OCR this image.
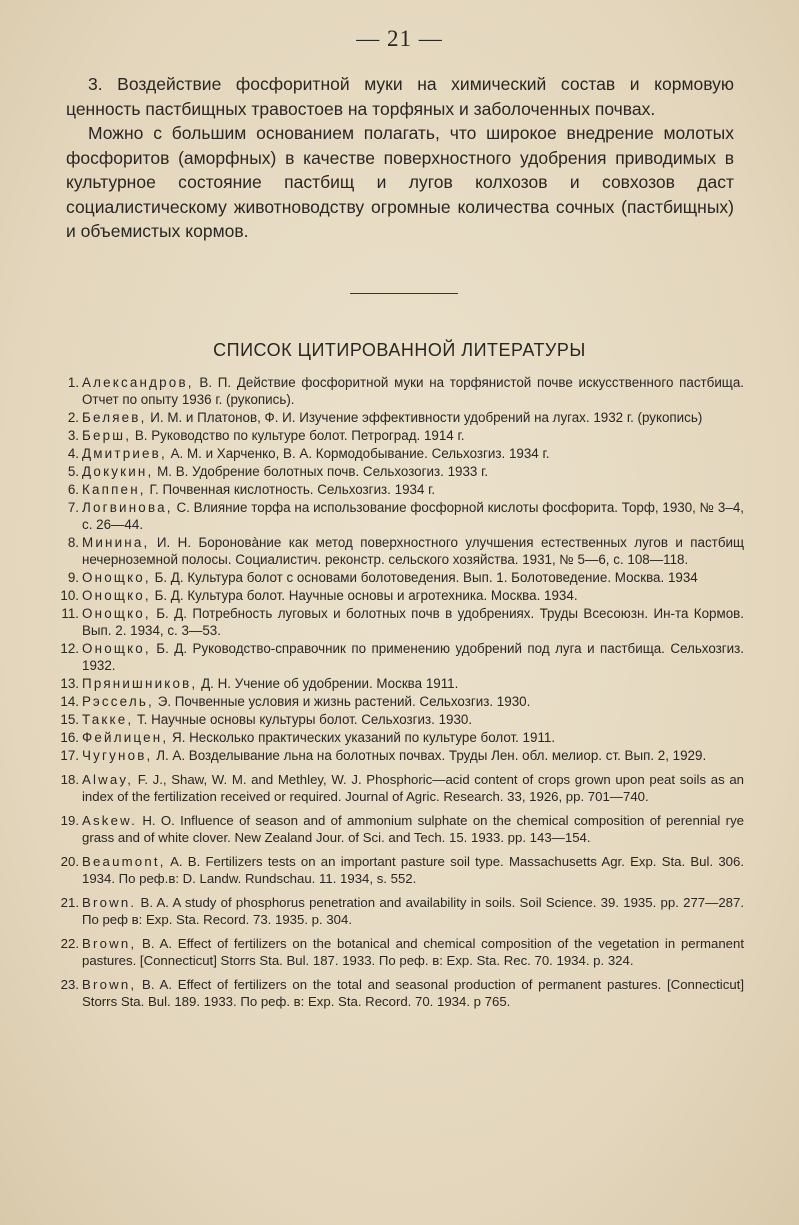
— 21 —

3. Воздействие фосфоритной муки на химический состав и кормовую ценность пастбищных травостоев на торфяных и заболоченных почвах.

Можно с большим основанием полагать, что широкое внедрение молотых фосфоритов (аморфных) в качестве поверхностного удобрения приводимых в культурное состояние пастбищ и лугов колхозов и совхозов даст социалистическому животноводству огромные количества сочных (пастбищных) и объемистых кормов.

СПИСОК ЦИТИРОВАННОЙ ЛИТЕРАТУРЫ
1. Александров, В. П. Действие фосфоритной муки на торфянистой почве искусственного пастбища. Отчет по опыту 1936 г. (рукопись).
2. Беляев, И. М. и Платонов, Ф. И. Изучение эффективности удобрений на лугах. 1932 г. (рукопись)
3. Берш, В. Руководство по культуре болот. Петроград. 1914 г.
4. Дмитриев, А. М. и Харченко, В. А. Кормодобывание. Сельхозгиз. 1934 г.
5. Докукин, М. В. Удобрение болотных почв. Сельхозогиз. 1933 г.
6. Каппен, Г. Почвенная кислотность. Сельхозгиз. 1934 г.
7. Логвинова, С. Влияние торфа на использование фосфорной кислоты фосфорита. Торф, 1930, № 3–4, с. 26—44.
8. Минина, И. Н. Бороновàние как метод поверхностного улучшения естественных лугов и пастбищ нечерноземной полосы. Социалистич. реконстр. сельского хозяйства. 1931, № 5—6, с. 108—118.
9. Онощко, Б. Д. Культура болот с основами болотоведения. Вып. 1. Болотоведение. Москва. 1934
10. Онощко, Б. Д. Культура болот. Научные основы и агротехника. Москва. 1934.
11. Онощко, Б. Д. Потребность луговых и болотных почв в удобрениях. Труды Всесоюзн. Ин-та Кормов. Вып. 2. 1934, с. 3—53.
12. Онощко, Б. Д. Руководство-справочник по применению удобрений под луга и пастбища. Сельхозгиз. 1932.
13. Прянишников, Д. Н. Учение об удобрении. Москва 1911.
14. Рэссель, Э. Почвенные условия и жизнь растений. Сельхозгиз. 1930.
15. Такке, Т. Научные основы культуры болот. Сельхозгиз. 1930.
16. Фейлицен, Я. Несколько практических указаний по культуре болот. 1911.
17. Чугунов, Л. А. Возделывание льна на болотных почвах. Труды Лен. обл. мелиор. ст. Вып. 2, 1929.
18. Alway, F. J., Shaw, W. M. and Methley, W. J. Phosphoric—acid content of crops grown upon peat soils as an index of the fertilization received or required. Journal of Agric. Research. 33, 1926, pp. 701—740.
19. Askew. H. O. Influence of season and of ammonium sulphate on the chemical composition of perennial rye grass and of white clover. New Zealand Jour. of Sci. and Tech. 15. 1933. pp. 143—154.
20. Beaumont, A. B. Fertilizers tests on an important pasture soil type. Massachusetts Agr. Exp. Sta. Bul. 306. 1934. По реф.в: D. Landw. Rundschau. 11. 1934, s. 552.
21. Brown. B. A. A study of phosphorus penetration and availability in soils. Soil Science. 39. 1935. pp. 277—287. По реф в: Exp. Sta. Record. 73. 1935. p. 304.
22. Brown, B. A. Effect of fertilizers on the botanical and chemical composition of the vegetation in permanent pastures. [Connecticut] Storrs Sta. Bul. 187. 1933. По реф. в: Exp. Sta. Rec. 70. 1934. p. 324.
23. Brown, B. A. Effect of fertilizers on the total and seasonal production of permanent pastures. [Connecticut] Storrs Sta. Bul. 189. 1933. По реф. в: Exp. Sta. Record. 70. 1934. p 765.
